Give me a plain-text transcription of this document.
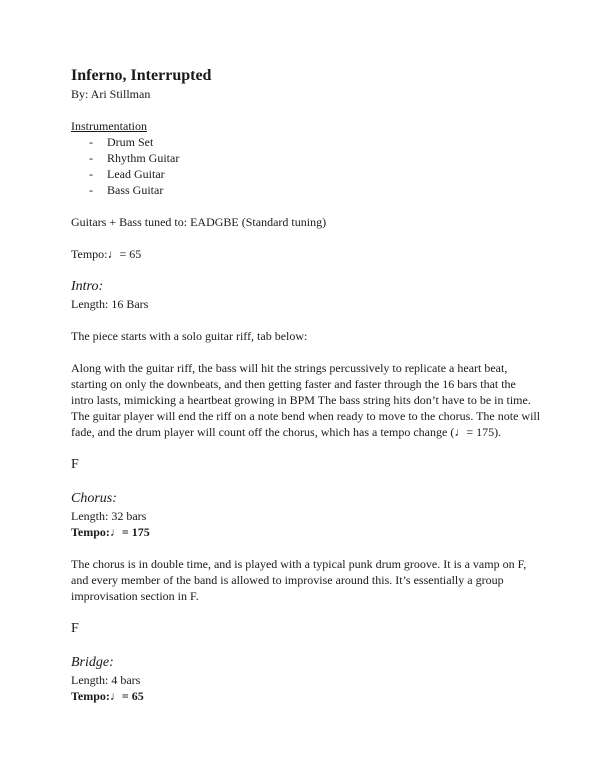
Inferno, Interrupted

By: Ari Stillman

Instrumentation

- Drum Set
- Rhythm Guitar
- Lead Guitar
- Bass Guitar

Guitars + Bass tuned to: EADGBE (Standard tuning)

Tempo:♩= 65

Intro:

Length: 16 Bars

The piece starts with a solo guitar riff, tab below:

Along with the guitar riff, the bass will hit the strings percussively to replicate a heart beat, starting on only the downbeats, and then getting faster and faster through the 16 bars that the intro lasts, mimicking a heartbeat growing in BPM The bass string hits don’t have to be in time. The guitar player will end the riff on a note bend when ready to move to the chorus. The note will fade, and the drum player will count off the chorus, which has a tempo change (♩= 175).

F

Chorus:

Length: 32 bars

Tempo:♩= 175

The chorus is in double time, and is played with a typical punk drum groove. It is a vamp on F, and every member of the band is allowed to improvise around this. It’s essentially a group improvisation section in F.

F

Bridge:

Length: 4 bars

Tempo:♩= 65
